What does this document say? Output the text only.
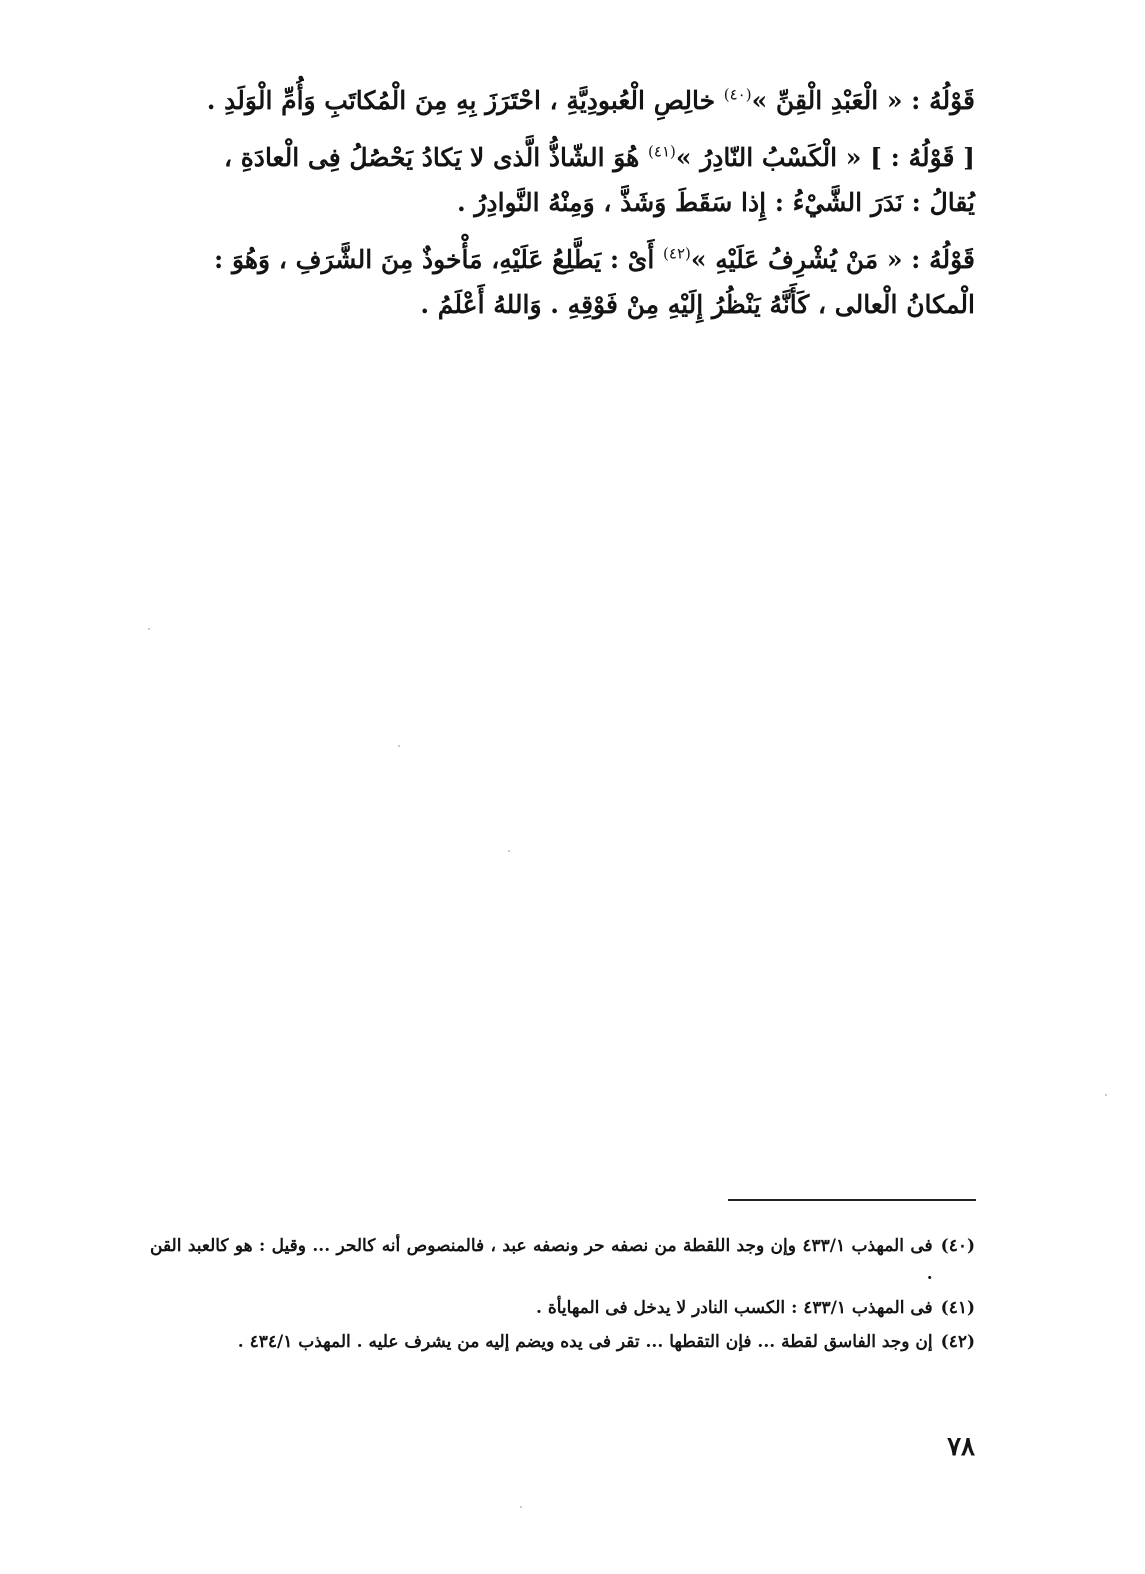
قَوْلُهُ : « الْعَبْدِ الْقِنِّ »$^{(٤٠)}$ خالِصِ الْعُبودِيَّةِ ، احْتَرَزَ بِهِ مِنَ الْمُكاتَبِ وَأُمِّ الْوَلَدِ .
[ قَوْلُهُ : ] « الْكَسْبُ النّادِرُ »$^{(٤١)}$ هُوَ الشّاذُّ الَّذى لا يَكادُ يَحْصُلُ فِى الْعادَةِ ،
يُقالُ : نَدَرَ الشَّيْءُ : إِذا سَقَطَ وَشَذَّ ، وَمِنْهُ النَّوادِرُ .
قَوْلُهُ : « مَنْ يُشْرِفُ عَلَيْهِ »$^{(٤٢)}$ أَىْ : يَطَّلِعُ عَلَيْهِ، مَأْخوذٌ مِنَ الشَّرَفِ ، وَهُوَ :
الْمكانُ الْعالى ، كَأَنَّهُ يَنْظُرُ إِلَيْهِ مِنْ فَوْقِهِ . وَاللهُ أَعْلَمُ .
(٤٠)
فى المهذب ٤٣٣/١ وإن وجد اللقطة من نصفه حر ونصفه عبد ، فالمنصوص أنه كالحر ... وقيل : هو كالعبد القن .
(٤١)
فى المهذب ٤٣٣/١ : الكسب النادر لا يدخل فى المهايأة .
(٤٢)
إن وجد الفاسق لقطة ... فإن التقطها ... تقر فى يده ويضم إليه من يشرف عليه . المهذب ٤٣٤/١ .
٧٨
